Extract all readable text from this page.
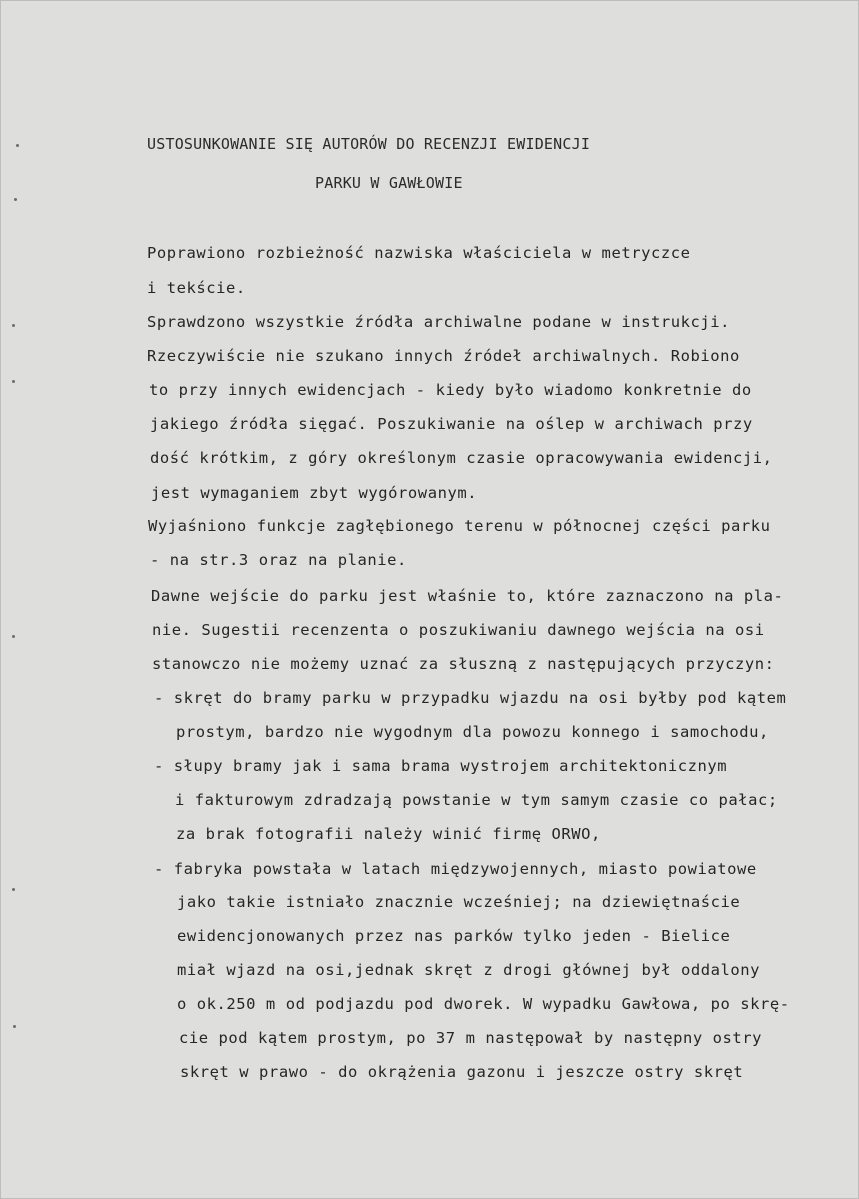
USTOSUNKOWANIE SIĘ AUTORÓW DO RECENZJI EWIDENCJI
PARKU W GAWŁOWIE
Poprawiono rozbieżność nazwiska właściciela w metryczce
i tekście.
Sprawdzono wszystkie źródła archiwalne podane w instrukcji.
Rzeczywiście nie szukano innych źródeł archiwalnych. Robiono
to przy innych ewidencjach - kiedy było wiadomo konkretnie do
jakiego źródła sięgać. Poszukiwanie na oślep w archiwach przy
dość krótkim, z góry określonym czasie opracowywania ewidencji,
jest wymaganiem zbyt wygórowanym.
Wyjaśniono funkcje zagłębionego terenu w północnej części parku
- na str.3 oraz na planie.
Dawne wejście do parku jest właśnie to, które zaznaczono na pla-
nie. Sugestii recenzenta o poszukiwaniu dawnego wejścia na osi
stanowczo nie możemy uznać za słuszną z następujących przyczyn:
- skręt do bramy parku w przypadku wjazdu na osi byłby pod kątem
prostym, bardzo nie wygodnym dla powozu konnego i samochodu,
- słupy bramy jak i sama brama wystrojem architektonicznym
i fakturowym zdradzają powstanie w tym samym czasie co pałac;
za brak fotografii należy winić firmę ORWO,
- fabryka powstała w latach międzywojennych, miasto powiatowe
jako takie istniało znacznie wcześniej; na dziewiętnaście
ewidencjonowanych przez nas parków tylko jeden - Bielice
miał wjazd na osi,jednak skręt z drogi głównej był oddalony
o ok.250 m od podjazdu pod dworek. W wypadku Gawłowa, po skrę-
cie pod kątem prostym, po 37 m następował by następny ostry
skręt w prawo - do okrążenia gazonu i jeszcze ostry skręt
